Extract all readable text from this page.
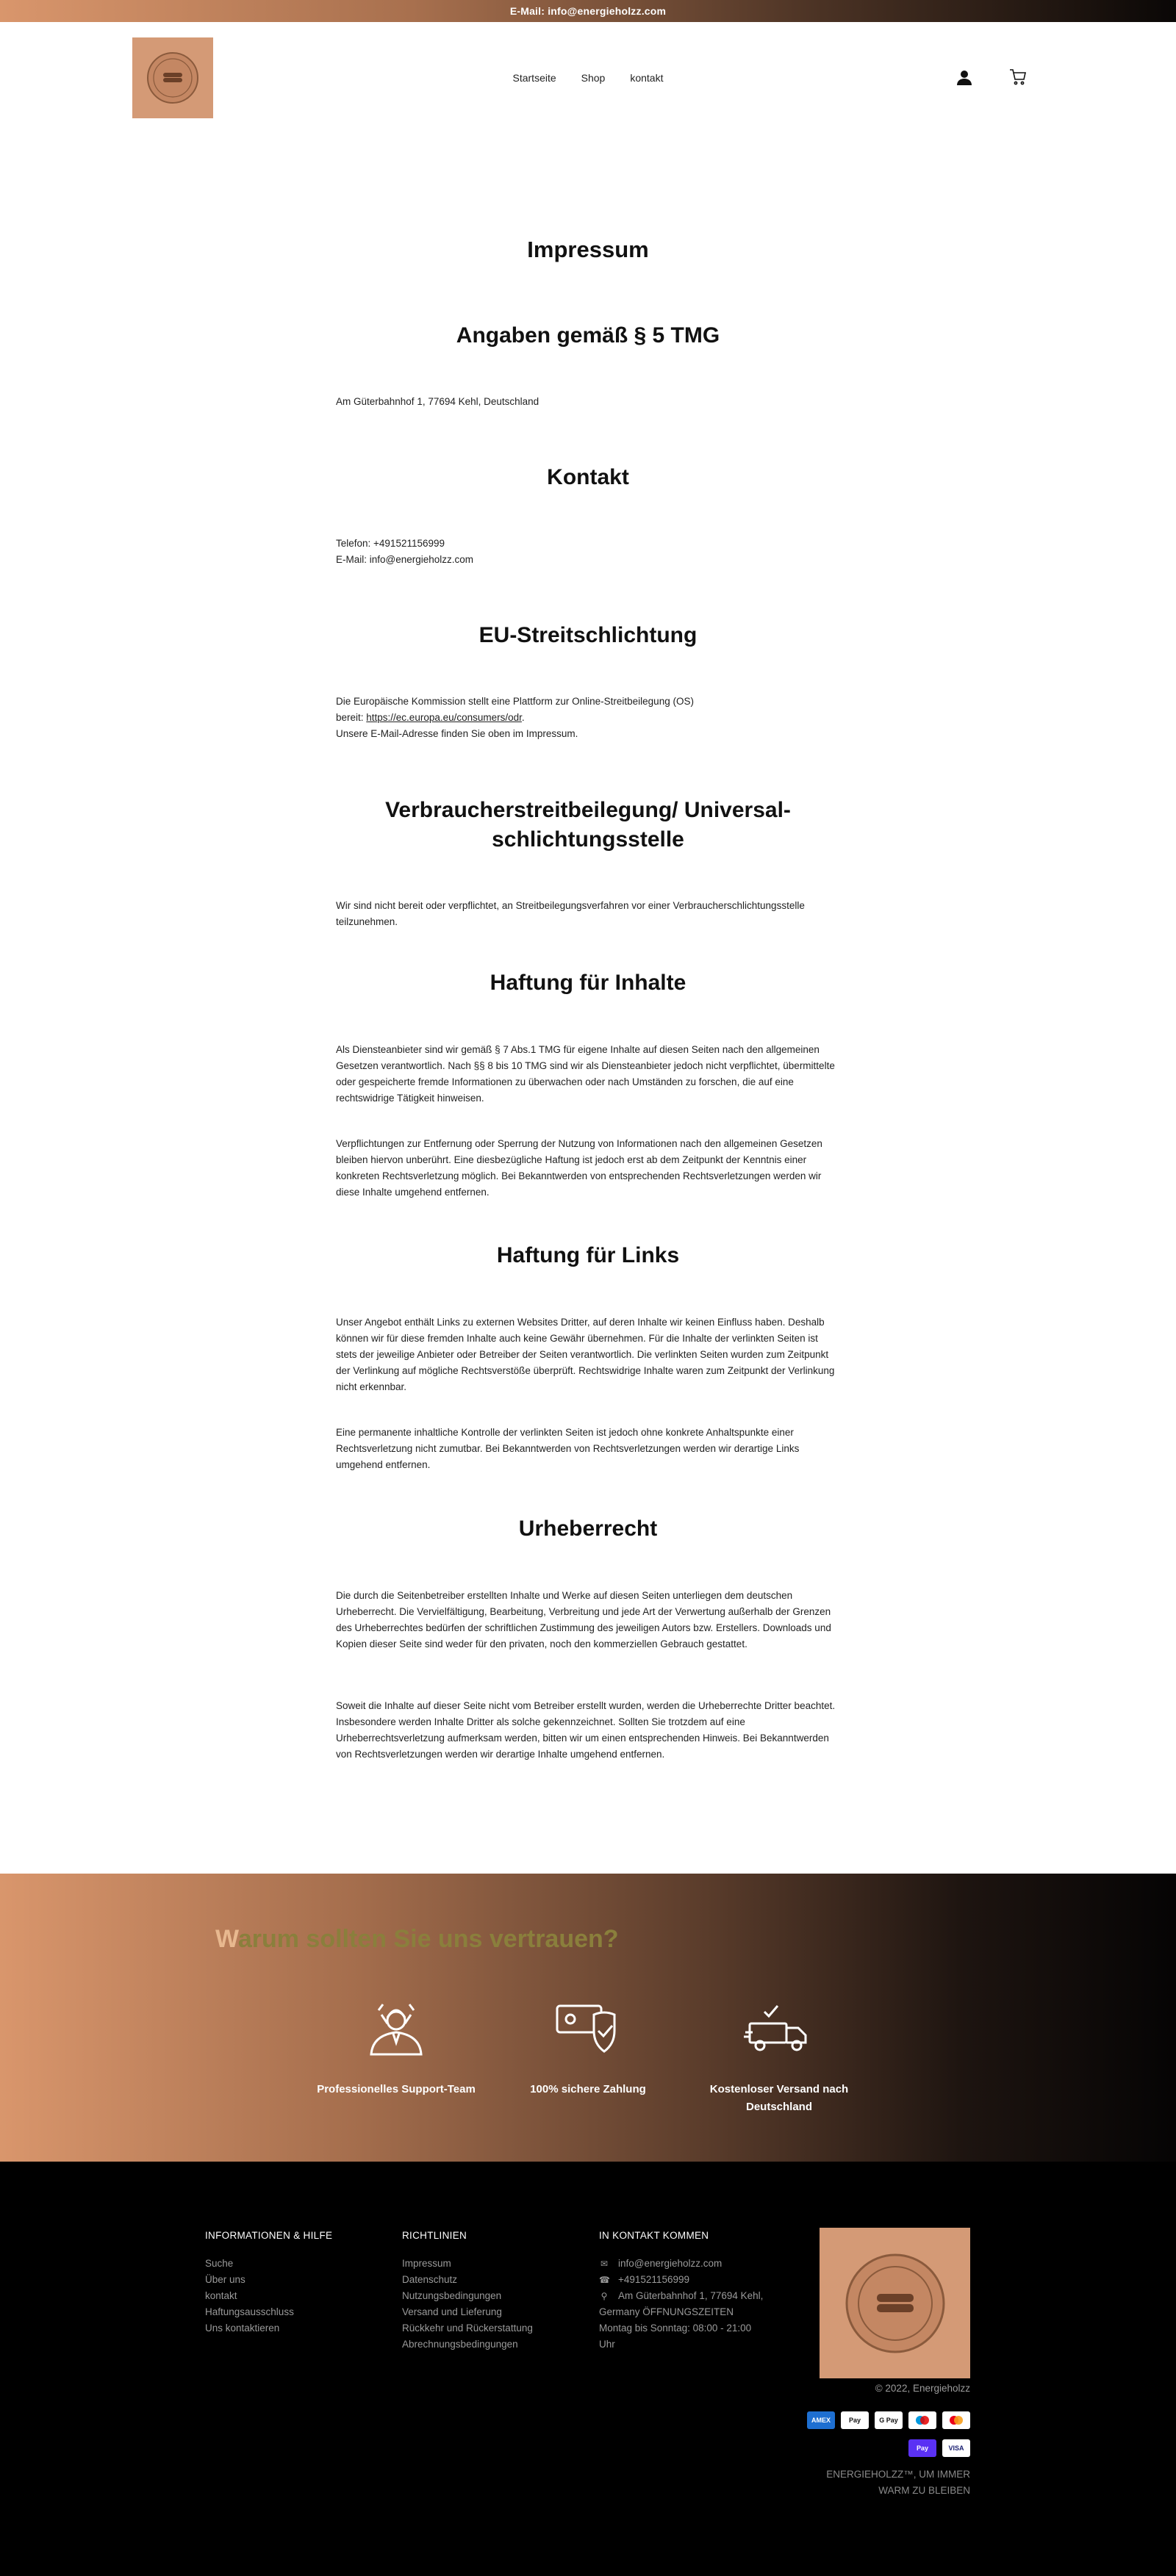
E-Mail: info@energieholzz.com
Startseite Shop kontakt
Impressum
Angaben gemäß § 5 TMG
Am Güterbahnhof 1, 77694 Kehl, Deutschland
Kontakt
Telefon: +491521156999
E-Mail: info@energieholzz.com
EU-Streitschlichtung
Die Europäische Kommission stellt eine Plattform zur Online-Streitbeilegung (OS)
bereit: https://ec.europa.eu/consumers/odr.
Unsere E-Mail-Adresse finden Sie oben im Impressum.
Verbraucherstreitbeilegung/ Universal-
schlichtungsstelle
Wir sind nicht bereit oder verpflichtet, an Streitbeilegungsverfahren vor einer Verbraucherschlichtungsstelle teilzunehmen.
Haftung für Inhalte
Als Diensteanbieter sind wir gemäß § 7 Abs.1 TMG für eigene Inhalte auf diesen Seiten nach den allgemeinen Gesetzen verantwortlich. Nach §§ 8 bis 10 TMG sind wir als Diensteanbieter jedoch nicht verpflichtet, übermittelte oder gespeicherte fremde Informationen zu überwachen oder nach Umständen zu forschen, die auf eine rechtswidrige Tätigkeit hinweisen.
Verpflichtungen zur Entfernung oder Sperrung der Nutzung von Informationen nach den allgemeinen Gesetzen bleiben hiervon unberührt. Eine diesbezügliche Haftung ist jedoch erst ab dem Zeitpunkt der Kenntnis einer konkreten Rechtsverletzung möglich. Bei Bekanntwerden von entsprechenden Rechtsverletzungen werden wir diese Inhalte umgehend entfernen.
Haftung für Links
Unser Angebot enthält Links zu externen Websites Dritter, auf deren Inhalte wir keinen Einfluss haben. Deshalb können wir für diese fremden Inhalte auch keine Gewähr übernehmen. Für die Inhalte der verlinkten Seiten ist stets der jeweilige Anbieter oder Betreiber der Seiten verantwortlich. Die verlinkten Seiten wurden zum Zeitpunkt der Verlinkung auf mögliche Rechtsverstöße überprüft. Rechtswidrige Inhalte waren zum Zeitpunkt der Verlinkung nicht erkennbar.
Eine permanente inhaltliche Kontrolle der verlinkten Seiten ist jedoch ohne konkrete Anhaltspunkte einer Rechtsverletzung nicht zumutbar. Bei Bekanntwerden von Rechtsverletzungen werden wir derartige Links umgehend entfernen.
Urheberrecht
Die durch die Seitenbetreiber erstellten Inhalte und Werke auf diesen Seiten unterliegen dem deutschen Urheberrecht. Die Vervielfältigung, Bearbeitung, Verbreitung und jede Art der Verwertung außerhalb der Grenzen des Urheberrechtes bedürfen der schriftlichen Zustimmung des jeweiligen Autors bzw. Erstellers. Downloads und Kopien dieser Seite sind weder für den privaten, noch den kommerziellen Gebrauch gestattet.
Soweit die Inhalte auf dieser Seite nicht vom Betreiber erstellt wurden, werden die Urheberrechte Dritter beachtet. Insbesondere werden Inhalte Dritter als solche gekennzeichnet. Sollten Sie trotzdem auf eine Urheberrechtsverletzung aufmerksam werden, bitten wir um einen entsprechenden Hinweis. Bei Bekanntwerden von Rechtsverletzungen werden wir derartige Inhalte umgehend entfernen.
Warum sollten Sie uns vertrauen?
Professionelles Support-Team	100% sichere Zahlung	Kostenloser Versand nach
Deutschland
INFORMATIONEN & HILFE
Suche
Über uns
kontakt
Haftungsausschluss
Uns kontaktieren
RICHTLINIEN
Impressum
Datenschutz
Nutzungsbedingungen
Versand und Lieferung
Rückkehr und Rückerstattung
Abrechnungsbedingungen
IN KONTAKT KOMMEN
✉ info@energieholzz.com
☎ +491521156999
⚲ Am Güterbahnhof 1, 77694 Kehl,
Germany ÖFFNUNGSZEITEN
Montag bis Sonntag: 08:00 - 21:00
Uhr
© 2022, Energieholzz
AMEX	Pay	G Pay
Pay	VISA
ENERGIEHOLZZ™, UM IMMER
WARM ZU BLEIBEN
